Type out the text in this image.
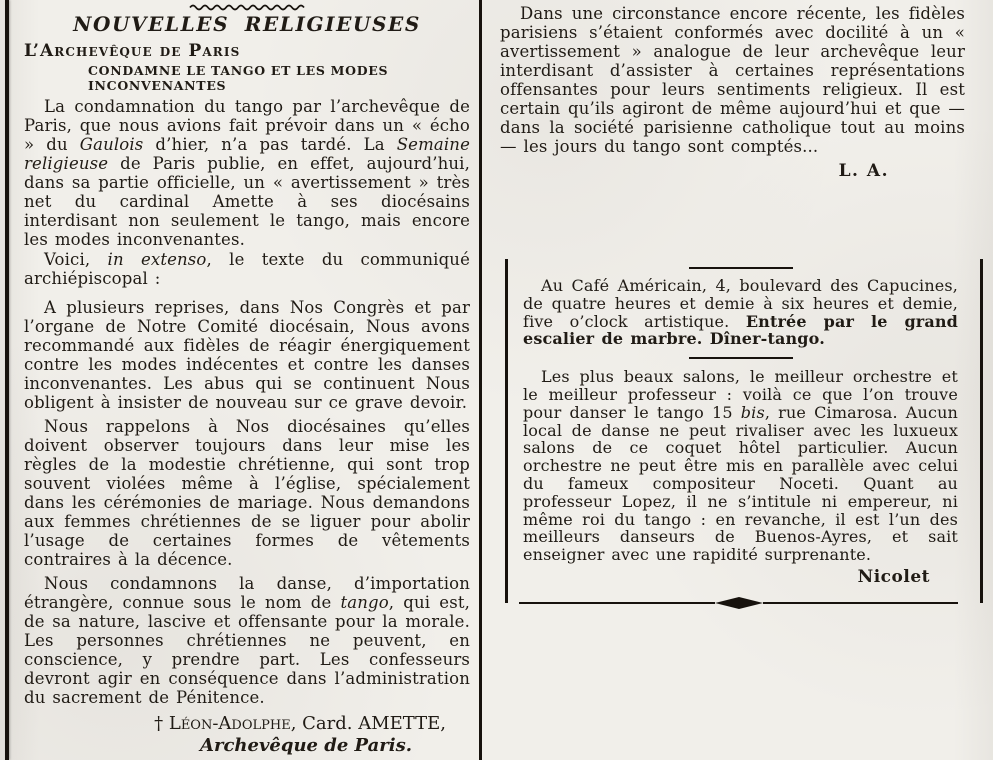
NOUVELLES RELIGIEUSES
L’Archevêque de Paris
CONDAMNE LE TANGO ET LES MODES INCONVENANTES

La condamnation du tango par l’archevêque de Paris, que nous avions fait prévoir dans un « écho » du Gaulois d’hier, n’a pas tardé. La Semaine religieuse de Paris publie, en effet, aujourd’hui, dans sa partie officielle, un « avertissement » très net du cardinal Amette à ses diocésains interdisant non seulement le tango, mais encore les modes inconvenantes.

Voici, in extenso, le texte du communiqué archiépiscopal :

A plusieurs reprises, dans Nos Congrès et par l’organe de Notre Comité diocésain, Nous avons recommandé aux fidèles de réagir énergiquement contre les modes indécentes et contre les danses inconvenantes. Les abus qui se continuent Nous obligent à insister de nouveau sur ce grave devoir.

Nous rappelons à Nos diocésaines qu’elles doivent observer toujours dans leur mise les règles de la modestie chrétienne, qui sont trop souvent violées même à l’église, spécialement dans les cérémonies de mariage. Nous demandons aux femmes chrétiennes de se liguer pour abolir l’usage de certaines formes de vêtements contraires à la décence.

Nous condamnons la danse, d’importation étrangère, connue sous le nom de tango, qui est, de sa nature, lascive et offensante pour la morale. Les personnes chrétiennes ne peuvent, en conscience, y prendre part. Les confesseurs devront agir en conséquence dans l’administration du sacrement de Pénitence.

† Léon-Adolphe, Card. AMETTE,

Archevêque de Paris.

Dans une circonstance encore récente, les fidèles parisiens s’étaient conformés avec docilité à un « avertissement » analogue de leur archevêque leur interdisant d’assister à certaines représentations offensantes pour leurs sentiments religieux. Il est certain qu’ils agiront de même aujourd’hui et que — dans la société parisienne catholique tout au moins — les jours du tango sont comptés...

L. A.

Au Café Américain, 4, boulevard des Capucines, de quatre heures et demie à six heures et demie, five o’clock artistique. Entrée par le grand escalier de marbre. Dîner-tango.

Les plus beaux salons, le meilleur orchestre et le meilleur professeur : voilà ce que l’on trouve pour danser le tango 15 bis, rue Cimarosa. Aucun local de danse ne peut rivaliser avec les luxueux salons de ce coquet hôtel particulier. Aucun orchestre ne peut être mis en parallèle avec celui du fameux compositeur Noceti. Quant au professeur Lopez, il ne s’intitule ni empereur, ni même roi du tango : en revanche, il est l’un des meilleurs danseurs de Buenos-Ayres, et sait enseigner avec une rapidité surprenante.

Nicolet
